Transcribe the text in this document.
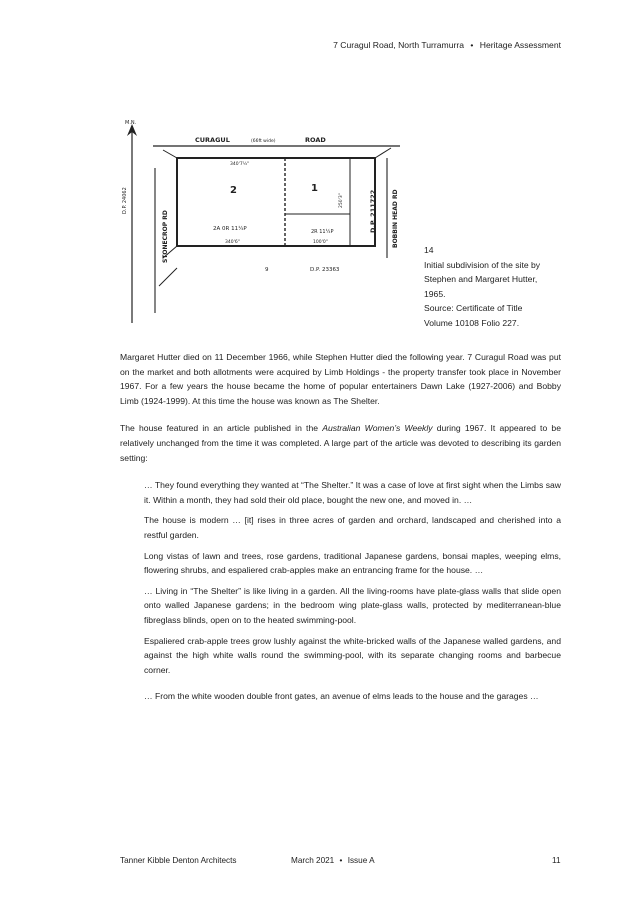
7 Curagul Road, North Turramurra • Heritage Assessment
M.N.
D.P. 24062
CURAGUL	(66ft wide)	ROAD
BOBBIN HEAD RD
STONECROP RD
2	1
2A 0R 11¼P	2R 11¼P	D.P. 211722
9	D.P. 23363
340'7½"
340'6"	100'0"
250'3"
14
Initial subdivision of the site by
Stephen and Margaret Hutter,
1965.
Source: Certificate of Title
Volume 10108 Folio 227.

Margaret Hutter died on 11 December 1966, while Stephen Hutter died the following year. 7 Curagul Road was put on the market and both allotments were acquired by Limb Holdings - the property transfer took place in November 1967. For a few years the house became the home of popular entertainers Dawn Lake (1927-2006) and Bobby Limb (1924-1999). At this time the house was known as The Shelter.

The house featured in an article published in the Australian Women’s Weekly during 1967. It appeared to be relatively unchanged from the time it was completed. A large part of the article was devoted to describing its garden setting:

… They found everything they wanted at “The Shelter.” It was a case of love at first sight when the Limbs saw it. Within a month, they had sold their old place, bought the new one, and moved in. …

The house is modern … [it] rises in three acres of garden and orchard, landscaped and cherished into a restful garden.

Long vistas of lawn and trees, rose gardens, traditional Japanese gardens, bonsai maples, weeping elms, flowering shrubs, and espaliered crab-apples make an entrancing frame for the house. …

… Living in “The Shelter” is like living in a garden. All the living-rooms have plate-glass walls that slide open onto walled Japanese gardens; in the bedroom wing plate-glass walls, protected by mediterranean-blue fibreglass blinds, open on to the heated swimming-pool.

Espaliered crab-apple trees grow lushly against the white-bricked walls of the Japanese walled gardens, and against the high white walls round the swimming-pool, with its separate changing rooms and barbecue corner.

… From the white wooden double front gates, an avenue of elms leads to the house and the garages …

Tanner Kibble Denton Architects	March 2021 • Issue A	11
